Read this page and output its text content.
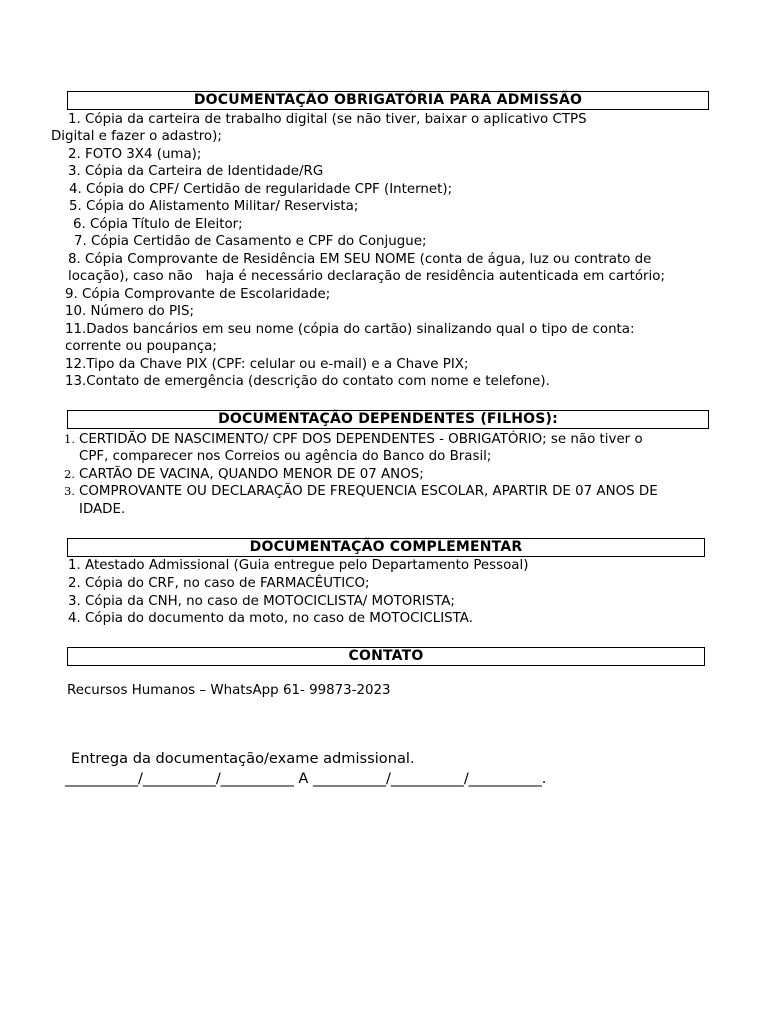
DOCUMENTAÇÃO OBRIGATÓRIA PARA ADMISSÃO
1. Cópia da carteira de trabalho digital (se não tiver, baixar o aplicativo CTPS
Digital e fazer o adastro);
2. FOTO 3X4 (uma);
3. Cópia da Carteira de Identidade/RG
4. Cópia do CPF/ Certidão de regularidade CPF (Internet);
5. Cópia do Alistamento Militar/ Reservista;
6. Cópia Título de Eleitor;
7. Cópia Certidão de Casamento e CPF do Conjugue;
8. Cópia Comprovante de Residência EM SEU NOME (conta de água, luz ou contrato de
locação), caso não   haja é necessário declaração de residência autenticada em cartório;
9. Cópia Comprovante de Escolaridade;
10. Número do PIS;
11.Dados bancários em seu nome (cópia do cartão) sinalizando qual o tipo de conta:
corrente ou poupança;
12.Tipo da Chave PIX (CPF: celular ou e-mail) e a Chave PIX;
13.Contato de emergência (descrição do contato com nome e telefone).
DOCUMENTAÇÃO DEPENDENTES (FILHOS):
1. CERTIDÃO DE NASCIMENTO/ CPF DOS DEPENDENTES - OBRIGATÓRIO; se não tiver o
CPF, comparecer nos Correios ou agência do Banco do Brasil;
2. CARTÃO DE VACINA, QUANDO MENOR DE 07 ANOS;
3. COMPROVANTE OU DECLARAÇÃO DE FREQUENCIA ESCOLAR, APARTIR DE 07 ANOS DE
IDADE.
DOCUMENTAÇÃO COMPLEMENTAR
1. Atestado Admissional (Guia entregue pelo Departamento Pessoal)
2. Cópia do CRF, no caso de FARMACÊUTICO;
3. Cópia da CNH, no caso de MOTOCICLISTA/ MOTORISTA;
4. Cópia do documento da moto, no caso de MOTOCICLISTA.
CONTATO
Recursos Humanos – WhatsApp 61- 99873-2023
Entrega da documentação/exame admissional.
__________/__________/__________ A __________/__________/__________.
